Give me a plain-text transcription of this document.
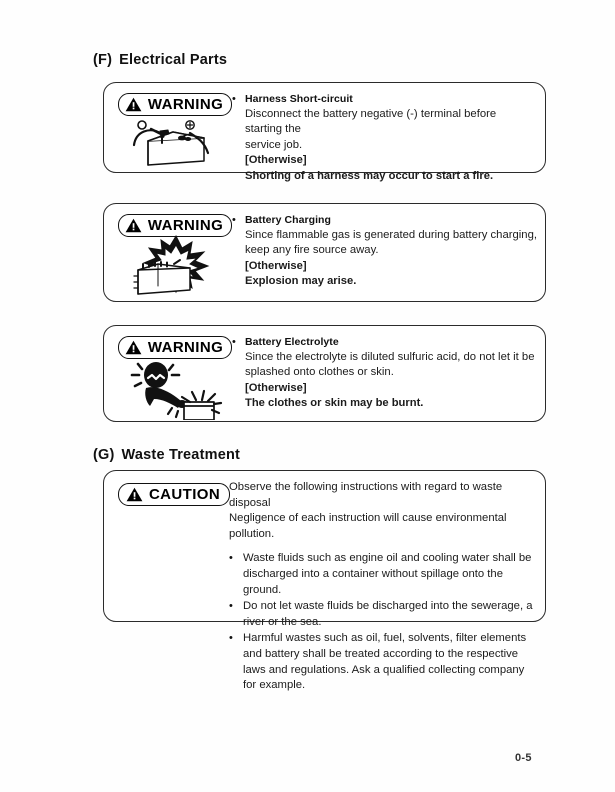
(F) Electrical Parts
WARNING • Harness Short-circuit
Disconnect the battery negative (-) terminal before starting the
service job.
[Otherwise]
Shorting of a harness may occur to start a fire.
WARNING • Battery Charging
Since flammable gas is generated during battery charging,
keep any fire source away.
[Otherwise]
Explosion may arise.
WARNING • Battery Electrolyte
Since the electrolyte is diluted sulfuric acid, do not let it be
splashed onto clothes or skin.
[Otherwise]
The clothes or skin may be burnt.
(G) Waste Treatment
CAUTION Observe the following instructions with regard to waste disposal
Negligence of each instruction will cause environmental pollution.
• Waste fluids such as engine oil and cooling water shall be discharged into a container without spillage onto the ground.
• Do not let waste fluids be discharged into the sewerage, a river or the sea.
• Harmful wastes such as oil, fuel, solvents, filter elements and battery shall be treated according to the respective laws and regulations. Ask a qualified collecting company for example.
0-5
